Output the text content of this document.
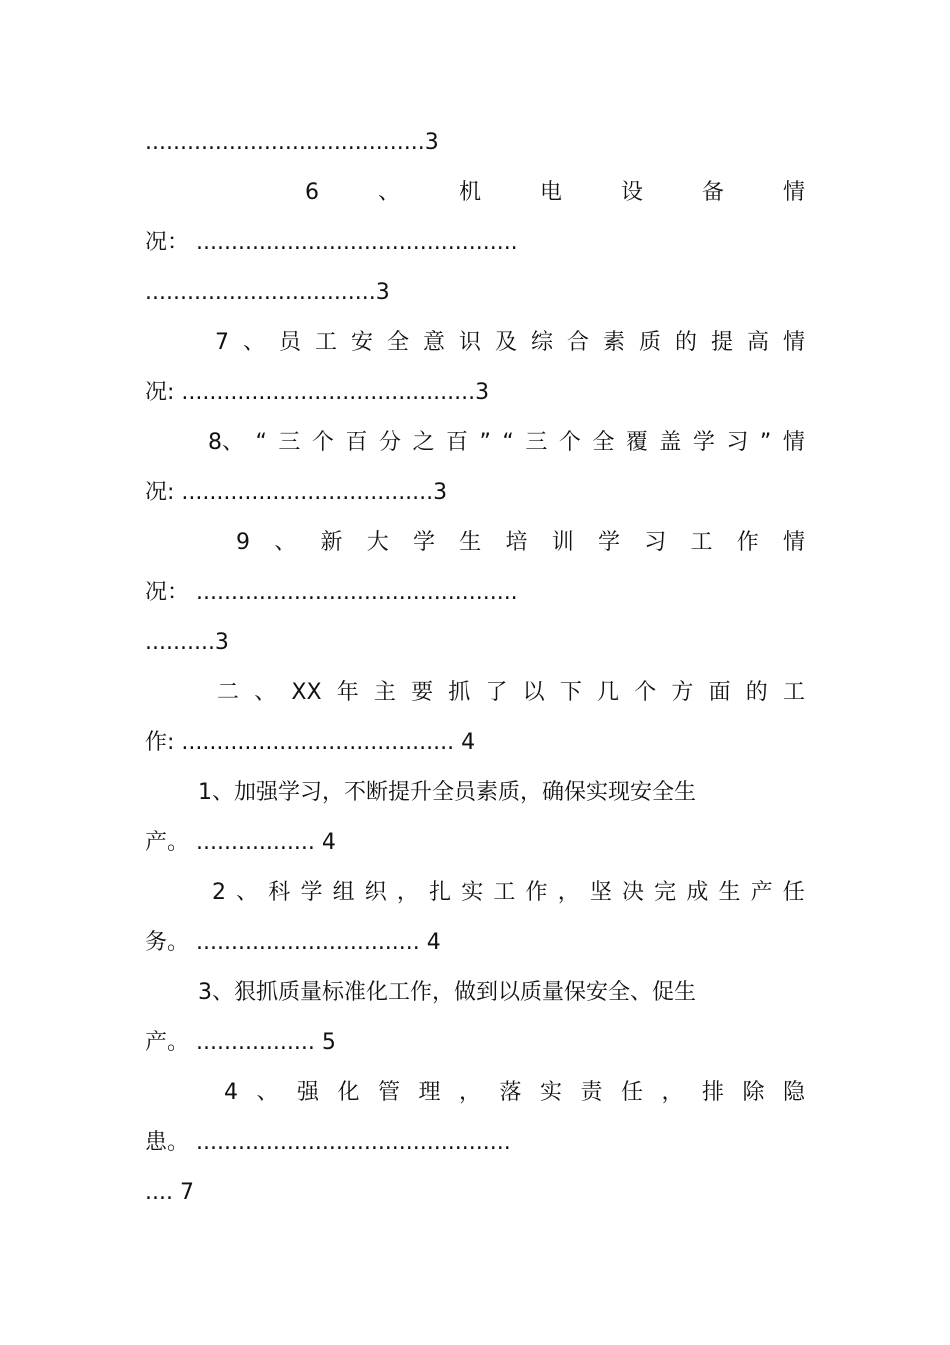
........................................3
6	、	机	电	设	备	情
况： ..............................................
.................................3
7 、 员 工 安 全 意 识 及 综 合 素 质 的 提 高 情
况: ..........................................3
8、 “ 三 个 百 分 之 百 ” “ 三 个 全 覆 盖 学 习 ” 情
况: ....................................3
9 、 新 大 学 生 培 训 学 习 工 作 情
况： ..............................................
..........3
二 、 XX 年 主 要 抓 了 以 下 几 个 方 面 的 工
作: ....................................... 4
1、加强学习，不断提升全员素质，确保实现安全生
产。 ................. 4
2 、 科 学 组 织 ， 扎 实 工 作 ， 坚 决 完 成 生 产 任
务。 ................................ 4
3、狠抓质量标准化工作，做到以质量保安全、促生
产。 ................. 5
4 、 强 化 管 理 ， 落 实 责 任 ， 排 除 隐
患。 .............................................
.... 7
